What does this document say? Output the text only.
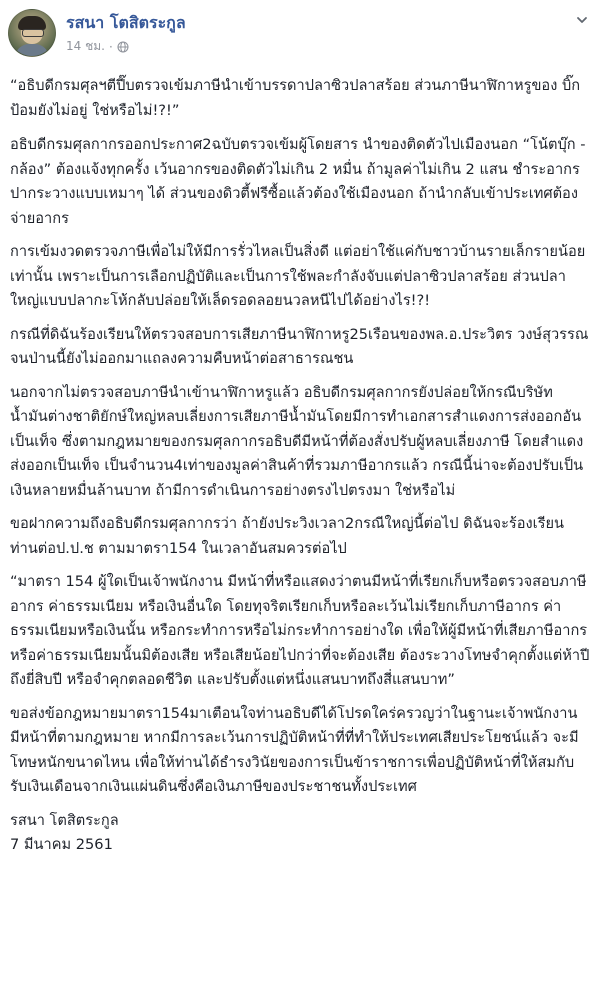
รสนา โตสิตระกูล
14 ชม. ·

“อธิบดีกรมศุลฯตีปี๊บตรวจเข้มภาษีนำเข้าบรรดาปลาซิวปลาสร้อย ส่วนภาษีนาฬิกาหรูของ บิ๊กป้อมยังไม่อยู่ ใช่หรือไม่!?!”

อธิบดีกรมศุลกากรออกประกาศ2ฉบับตรวจเข้มผู้โดยสาร นำของติดตัวไปเมืองนอก “โน้ตบุ๊ก - กล้อง” ต้องแจ้งทุกครั้ง เว้นอากรของติดตัวไม่เกิน 2 หมื่น ถ้ามูลค่าไม่เกิน 2 แสน ชำระอากรปากระวางแบบเหมาๆ ได้ ส่วนของดิวตี้ฟรีซื้อแล้วต้องใช้เมืองนอก ถ้านำกลับเข้าประเทศต้องจ่ายอากร

การเข้มงวดตรวจภาษีเพื่อไม่ให้มีการรั่วไหลเป็นสิ่งดี แต่อย่าใช้แค่กับชาวบ้านรายเล็กรายน้อยเท่านั้น เพราะเป็นการเลือกปฏิบัติและเป็นการใช้พละกำลังจับแต่ปลาซิวปลาสร้อย ส่วนปลาใหญ่แบบปลากะโห้กลับปล่อยให้เล็ดรอดลอยนวลหนีไปได้อย่างไร!?!

กรณีที่ดิฉันร้องเรียนให้ตรวจสอบการเสียภาษีนาฬิกาหรู25เรือนของพล.อ.ประวิตร วงษ์สุวรรณ จนป่านนี้ยังไม่ออกมาแถลงความคืบหน้าต่อสาธารณชน

นอกจากไม่ตรวจสอบภาษีนำเข้านาฬิกาหรูแล้ว อธิบดีกรมศุลกากรยังปล่อยให้กรณีบริษัทน้ำมันต่างชาติยักษ์ใหญ่หลบเลี่ยงการเสียภาษีน้ำมันโดยมีการทำเอกสารสำแดงการส่งออกอันเป็นเท็จ ซึ่งตามกฎหมายของกรมศุลกากรอธิบดีมีหน้าที่ต้องสั่งปรับผู้หลบเลี่ยงภาษี โดยสำแดงส่งออกเป็นเท็จ เป็นจำนวน4เท่าของมูลค่าสินค้าที่รวมภาษีอากรแล้ว กรณีนี้น่าจะต้องปรับเป็นเงินหลายหมื่นล้านบาท ถ้ามีการดำเนินการอย่างตรงไปตรงมา ใช่หรือไม่

ขอฝากความถึงอธิบดีกรมศุลกากรว่า ถ้ายังประวิงเวลา2กรณีใหญ่นี้ต่อไป ดิฉันจะร้องเรียนท่านต่อป.ป.ช ตามมาตรา154 ในเวลาอันสมควรต่อไป

“มาตรา 154 ผู้ใดเป็นเจ้าพนักงาน มีหน้าที่หรือแสดงว่าตนมีหน้าที่เรียกเก็บหรือตรวจสอบภาษีอากร ค่าธรรมเนียม หรือเงินอื่นใด โดยทุจริตเรียกเก็บหรือละเว้นไม่เรียกเก็บภาษีอากร ค่าธรรมเนียมหรือเงินนั้น หรือกระทำการหรือไม่กระทำการอย่างใด เพื่อให้ผู้มีหน้าที่เสียภาษีอากรหรือค่าธรรมเนียมนั้นมิต้องเสีย หรือเสียน้อยไปกว่าที่จะต้องเสีย ต้องระวางโทษจำคุกตั้งแต่ห้าปีถึงยี่สิบปี หรือจำคุกตลอดชีวิต และปรับตั้งแต่หนึ่งแสนบาทถึงสี่แสนบาท”

ขอส่งข้อกฎหมายมาตรา154มาเตือนใจท่านอธิบดีได้โปรดใคร่ครวญว่าในฐานะเจ้าพนักงานมีหน้าที่ตามกฎหมาย หากมีการละเว้นการปฏิบัติหน้าที่ที่ทำให้ประเทศเสียประโยชน์แล้ว จะมีโทษหนักขนาดไหน เพื่อให้ท่านได้ธำรงวินัยของการเป็นข้าราชการเพื่อปฏิบัติหน้าที่ให้สมกับรับเงินเดือนจากเงินแผ่นดินซึ่งคือเงินภาษีของประชาชนทั้งประเทศ

รสนา โตสิตระกูล
7 มีนาคม 2561
